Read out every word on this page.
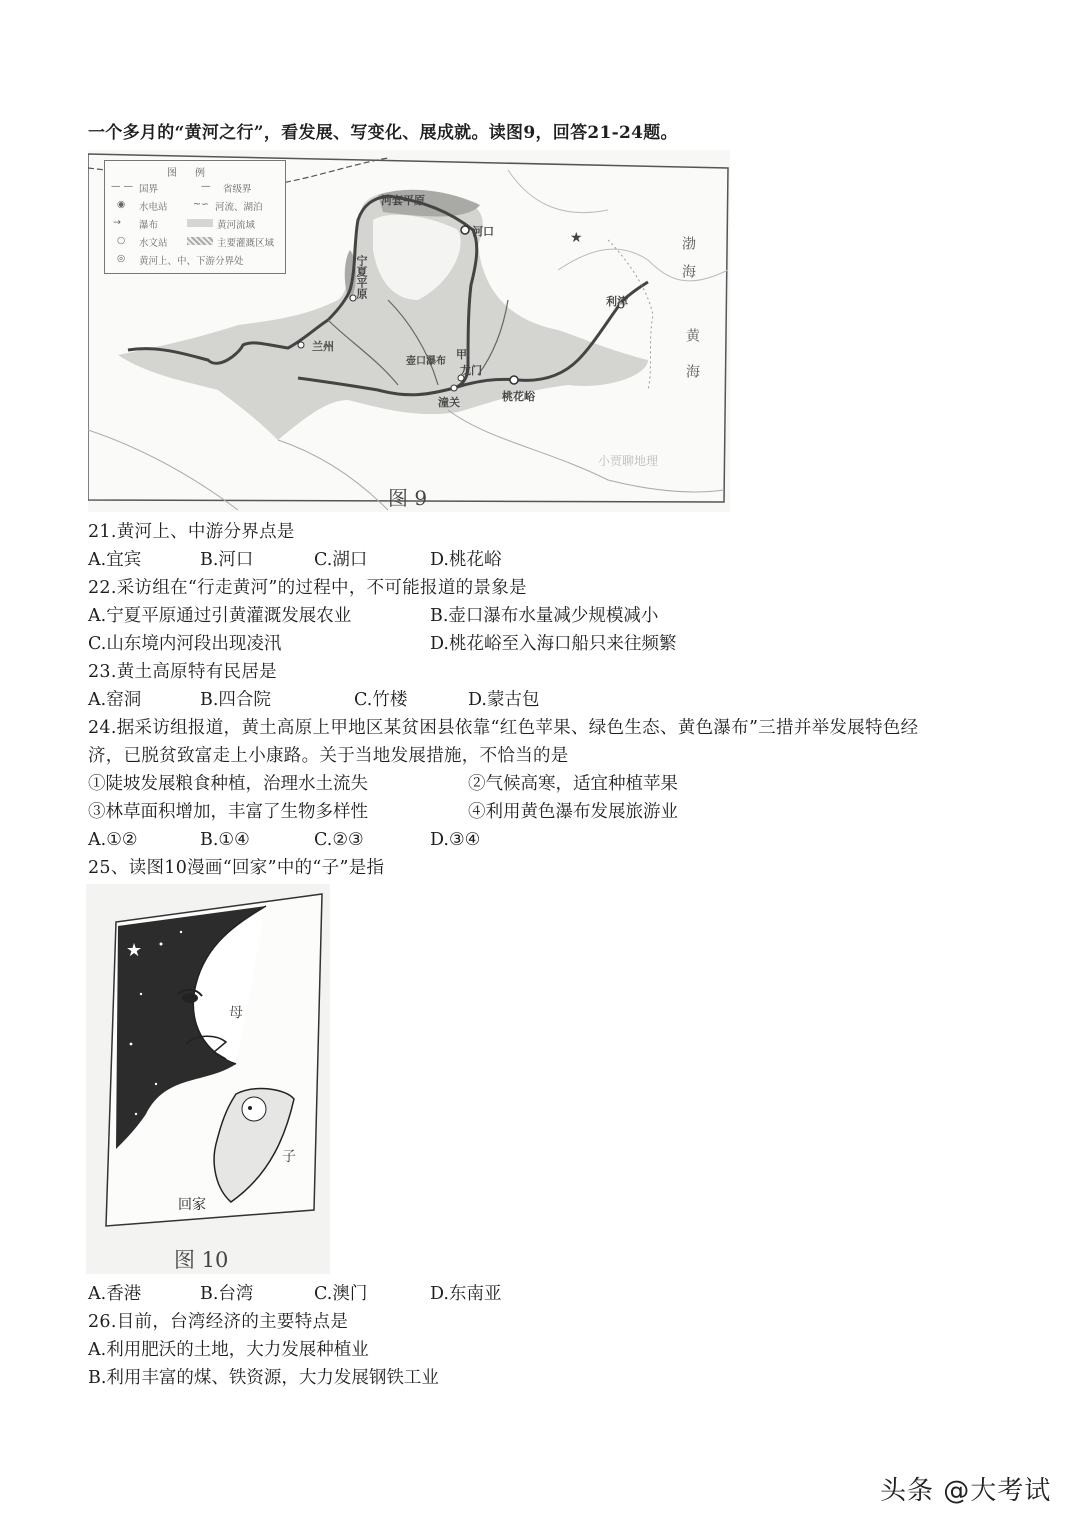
一个多月的“黄河之行”，看发展、写变化、展成就。读图9，回答21-24题。
★
河套平原
河口
宁夏平原
兰州
壶口瀑布
甲
龙门
潼关	桃花峪
利津
渤海
黄海
小贾聊地理
图 9
图例
— — 国界	— 省级界
◉ 水电站	~∽ 河流、湖泊
→ 瀑布	黄河流域
○ 水文站	主要灌溉区域
◎ 黄河上、中、下游分界处
21.黄河上、中游分界点是
A.宜宾	B.河口	C.湖口	D.桃花峪
22.采访组在“行走黄河”的过程中，不可能报道的景象是
A.宁夏平原通过引黄灌溉发展农业	B.壶口瀑布水量减少规模减小
C.山东境内河段出现凌汛	D.桃花峪至入海口船只来往频繁
23.黄土高原特有民居是
A.窑洞	B.四合院	C.竹楼	D.蒙古包
24.据采访组报道，黄土高原上甲地区某贫困县依靠“红色苹果、绿色生态、黄色瀑布”三措并举发展特色经
济，已脱贫致富走上小康路。关于当地发展措施，不恰当的是
①陡坡发展粮食种植，治理水土流失	②气候高寒，适宜种植苹果
③林草面积增加，丰富了生物多样性	④利用黄色瀑布发展旅游业
A.①②	B.①④	C.②③	D.③④
25、读图10漫画“回家”中的“子”是指
★
母
子
回家
图 10
A.香港	B.台湾	C.澳门	D.东南亚
26.目前，台湾经济的主要特点是
A.利用肥沃的土地，大力发展种植业
B.利用丰富的煤、铁资源，大力发展钢铁工业
头条 @大考试
